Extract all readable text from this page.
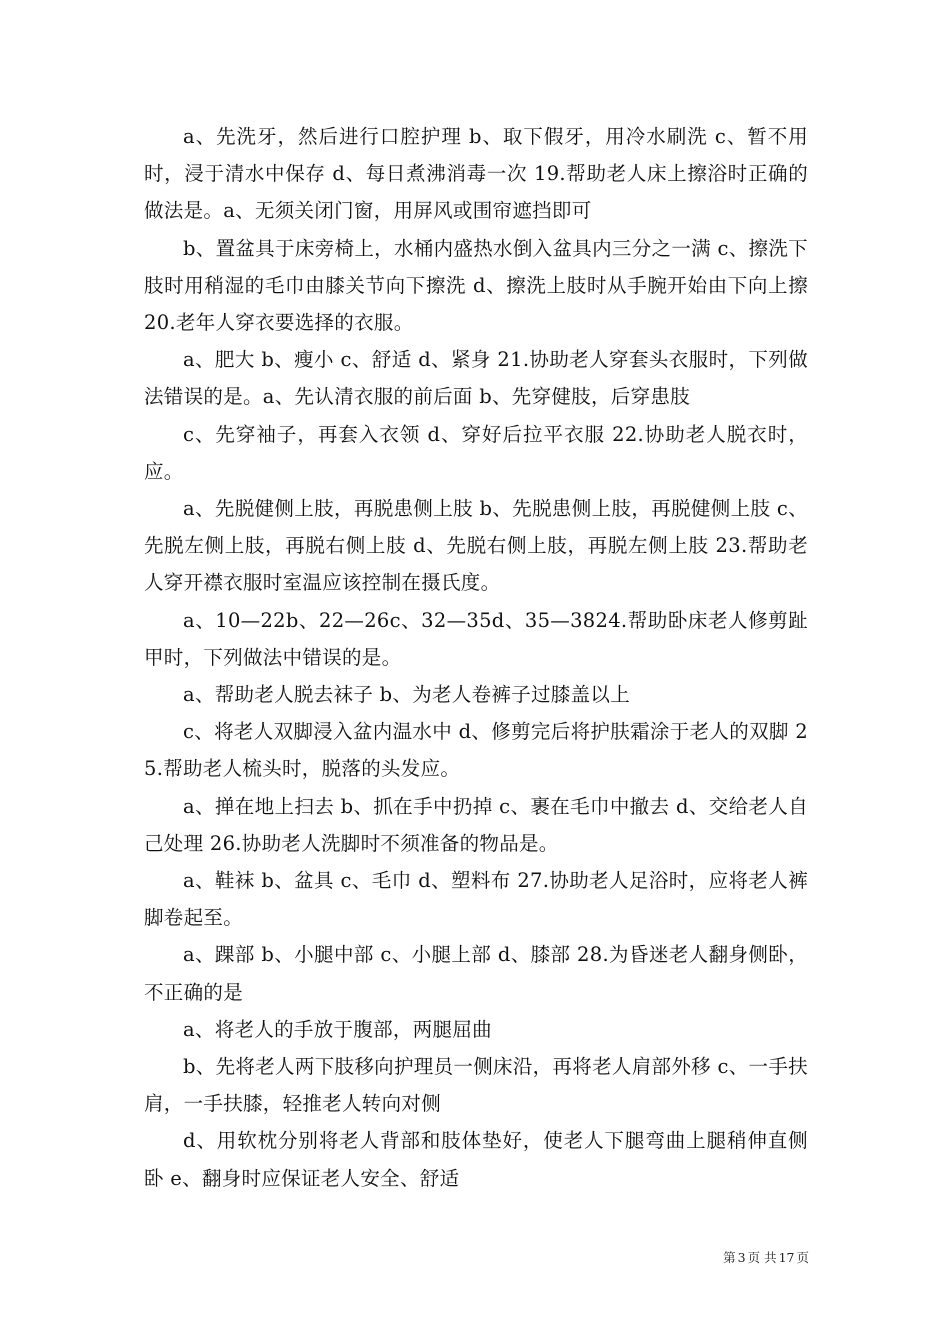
a、先洗牙，然后进行口腔护理 b、取下假牙，用冷水刷洗 c、暂不用时，浸于清水中保存 d、每日煮沸消毒一次 19.帮助老人床上擦浴时正确的做法是。a、无须关闭门窗，用屏风或围帘遮挡即可

b、置盆具于床旁椅上，水桶内盛热水倒入盆具内三分之一满 c、擦洗下肢时用稍湿的毛巾由膝关节向下擦洗 d、擦洗上肢时从手腕开始由下向上擦 20.老年人穿衣要选择的衣服。

a、肥大 b、瘦小 c、舒适 d、紧身 21.协助老人穿套头衣服时，下列做法错误的是。a、先认清衣服的前后面 b、先穿健肢，后穿患肢

c、先穿袖子，再套入衣领 d、穿好后拉平衣服 22.协助老人脱衣时，应。

a、先脱健侧上肢，再脱患侧上肢 b、先脱患侧上肢，再脱健侧上肢 c、先脱左侧上肢，再脱右侧上肢 d、先脱右侧上肢，再脱左侧上肢 23.帮助老人穿开襟衣服时室温应该控制在摄氏度。

a、10—22b、22—26c、32—35d、35—3824.帮助卧床老人修剪趾甲时，下列做法中错误的是。

a、帮助老人脱去袜子 b、为老人卷裤子过膝盖以上

c、将老人双脚浸入盆内温水中 d、修剪完后将护肤霜涂于老人的双脚 25.帮助老人梳头时，脱落的头发应。

a、掸在地上扫去 b、抓在手中扔掉 c、裹在毛巾中撤去 d、交给老人自己处理 26.协助老人洗脚时不须准备的物品是。

a、鞋袜 b、盆具 c、毛巾 d、塑料布 27.协助老人足浴时，应将老人裤脚卷起至。

a、踝部 b、小腿中部 c、小腿上部 d、膝部 28.为昏迷老人翻身侧卧，不正确的是

a、将老人的手放于腹部，两腿屈曲

b、先将老人两下肢移向护理员一侧床沿，再将老人肩部外移 c、一手扶肩，一手扶膝，轻推老人转向对侧

d、用软枕分别将老人背部和肢体垫好，使老人下腿弯曲上腿稍伸直侧卧 e、翻身时应保证老人安全、舒适

第 3 页 共 17 页
